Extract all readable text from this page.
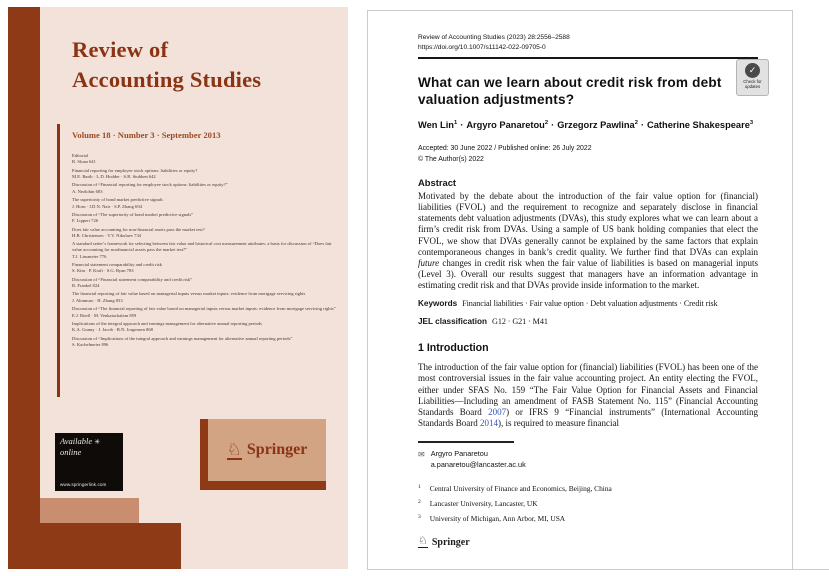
Review of
Accounting Studies
Volume 18 · Number 3 · September 2013
Editorial
R. Sloan 641
Financial reporting for employee stock options: liabilities or equity?
M.E. Barth · L.D. Hodder · S.R. Stubben 642
Discussion of “Financial reporting for employee stock options: liabilities or equity?”
A. Nezlobin 683
The superiority of bond market predictive signals
J. Horn · I.D.N. Nair · S.P. Zhang 694
Discussion of “The superiority of bond market predictive signals”
F. Lippert 726
Does fair value accounting for non-financial assets pass the market test?
H.B. Christensen · V.V. Nikolaev 734
A standard setter’s framework for selecting between fair value and historical cost measurement attributes: a basis for discussion of “Does fair value accounting for nonfinancial assets pass the market test?”
T.J. Linsmeier 776
Financial statement comparability and credit risk
S. Kim · P. Kraft · S.G. Ryan 783
Discussion of “Financial statement comparability and credit risk”
R. Frankel 824
The financial reporting of fair value based on managerial inputs versus market inputs: evidence from mortgage servicing rights
J. Altamuro · H. Zhang 833
Discussion of “The financial reporting of fair value based on managerial inputs versus market inputs: evidence from mortgage servicing rights”
E.J. Riedl · M. Venkatachalam 859
Implications of the integral approach and earnings management for alternative annual reporting periods
K.A. Gunny · J. Jacob · B.N. Jorgensen 868
Discussion of “Implications of the integral approach and earnings management for alternative annual reporting periods”
S. Kachelmeier 896
Available ✳
online
www.springerlink.com
♘ Springer
✓
Check for
updates
Review of Accounting Studies (2023) 28:2556–2588
https://doi.org/10.1007/s11142-022-09705-0
What can we learn about credit risk from debt valuation adjustments?
Wen Lin$^1$ · Argyro Panaretou$^2$ · Grzegorz Pawlina$^2$ · Catherine Shakespeare$^3$
Accepted: 30 June 2022 / Published online: 26 July 2022
© The Author(s) 2022
Abstract
Motivated by the debate about the introduction of the fair value option for (financial) liabilities (FVOL) and the requirement to recognize and separately disclose in financial statements debt valuation adjustments (DVAs), this study explores what we can learn about a firm’s credit risk from DVAs. Using a sample of US bank holding companies that elect the FVOL, we show that DVAs generally cannot be explained by the same factors that explain contemporaneous changes in bank’s credit quality. We further find that DVAs can explain future changes in credit risk when the fair value of liabilities is based on managerial inputs (Level 3). Overall our results suggest that managers have an information advantage in estimating credit risk and that DVAs provide inside information to the market.
Keywords Financial liabilities · Fair value option · Debt valuation adjustments · Credit risk
JEL classification G12 · G21 · M41
1 Introduction
The introduction of the fair value option for (financial) liabilities (FVOL) has been one of the most controversial issues in the fair value accounting project. An entity electing the FVOL, either under SFAS No. 159 “The Fair Value Option for Financial Assets and Financial Liabilities—Including an amendment of FASB Statement No. 115” (Financial Accounting Standards Board 2007) or IFRS 9 “Financial instruments” (International Accounting Standards Board 2014), is required to measure financial
✉ Argyro Panaretou
a.panaretou@lancaster.ac.uk
1 Central University of Finance and Economics, Beijing, China
2 Lancaster University, Lancaster, UK
3 University of Michigan, Ann Arbor, MI, USA
♘ Springer
